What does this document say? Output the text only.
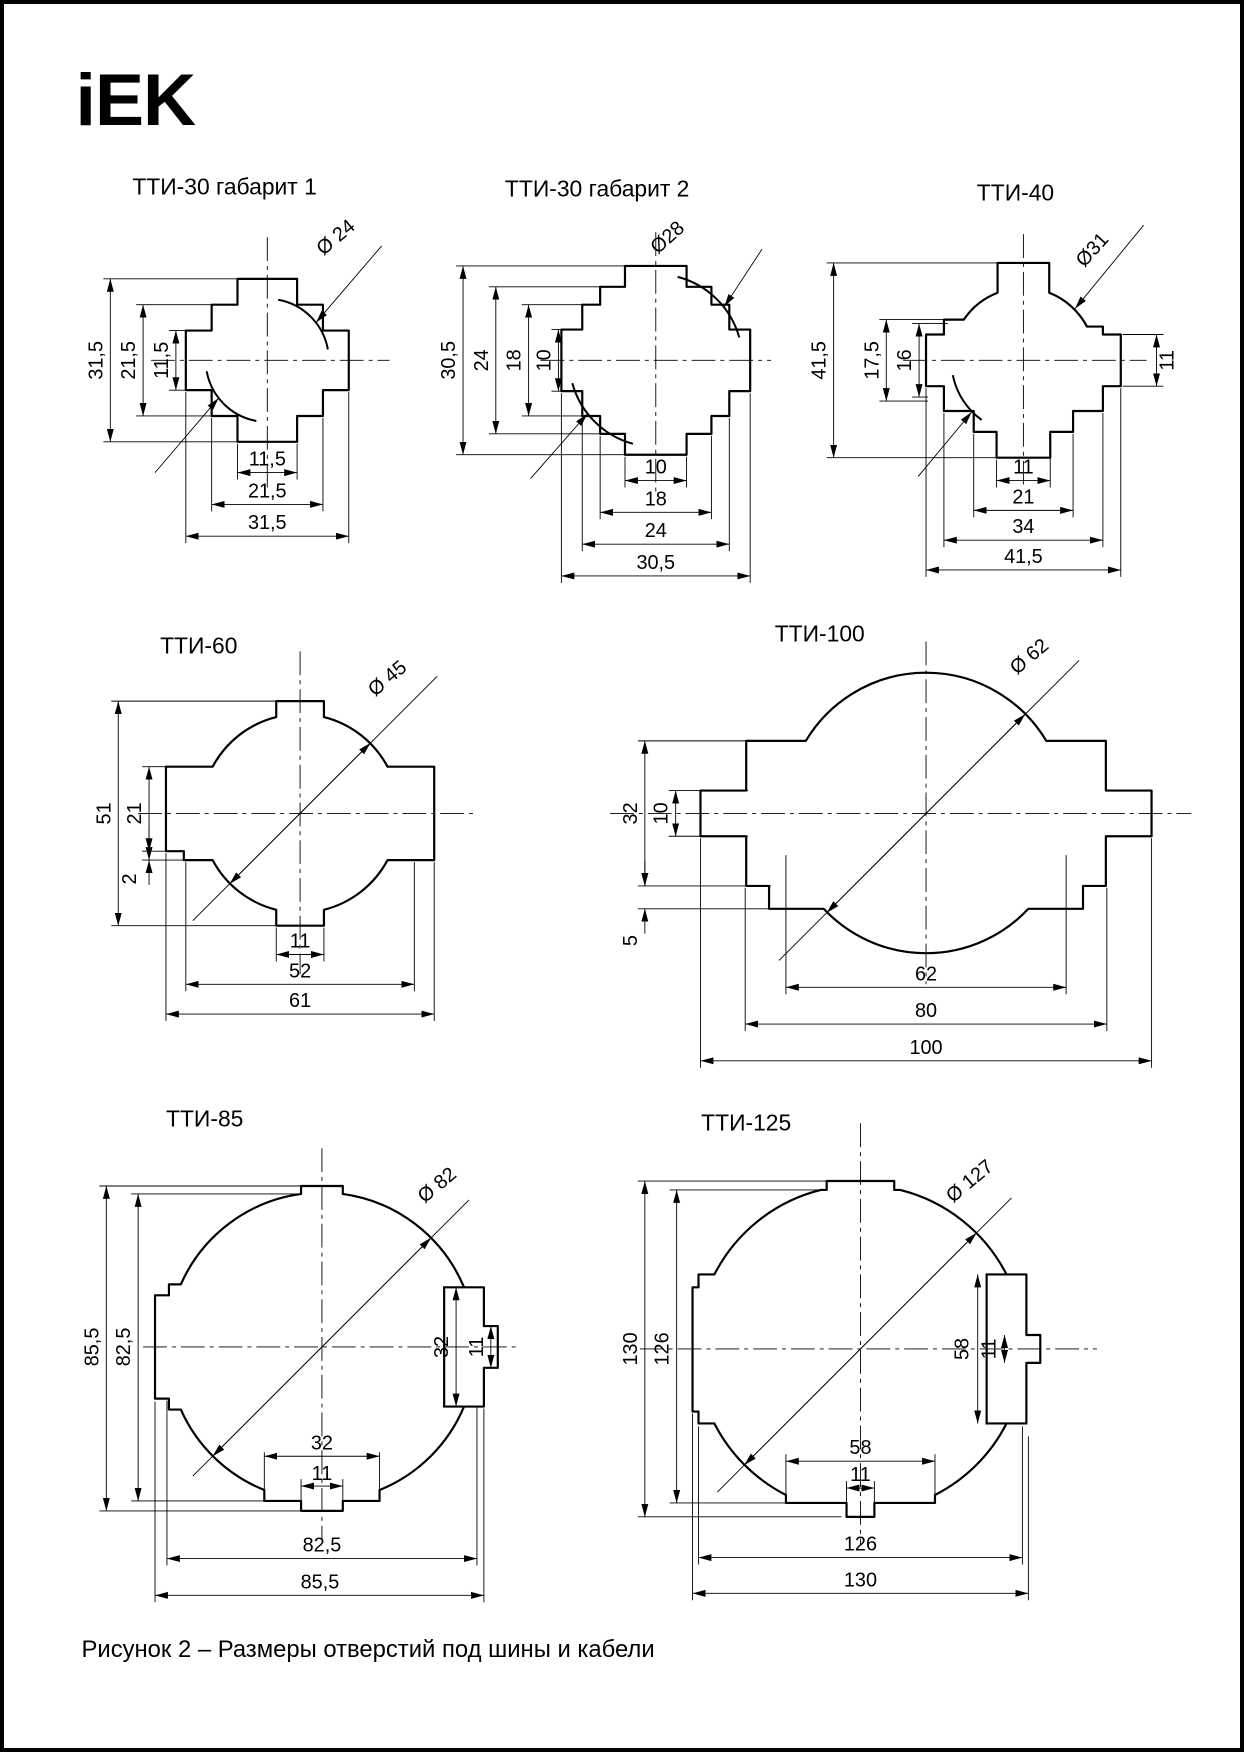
iEK
ТТИ-30 габарит 1
31,5 21,5 11,5
11,5
21,5
31,5
Ø 24
ТТИ-30 габарит 2
30,5 24 18 10
10
18
24
30,5
Ø28
ТТИ-40
41,5 17,5 16	11
11
21
34
41,5
Ø31
ТТИ-60
51 21
2
11
52
61
Ø 45
ТТИ-100
32 10
5
62
80
100
Ø 62
ТТИ-85
85,5 82,5	32 11
32
11
82,5
85,5
Ø 82
ТТИ-125
130 126	58 11
58
11
126
130
Ø 127
Рисунок 2 – Размеры отверстий под шины и кабели
